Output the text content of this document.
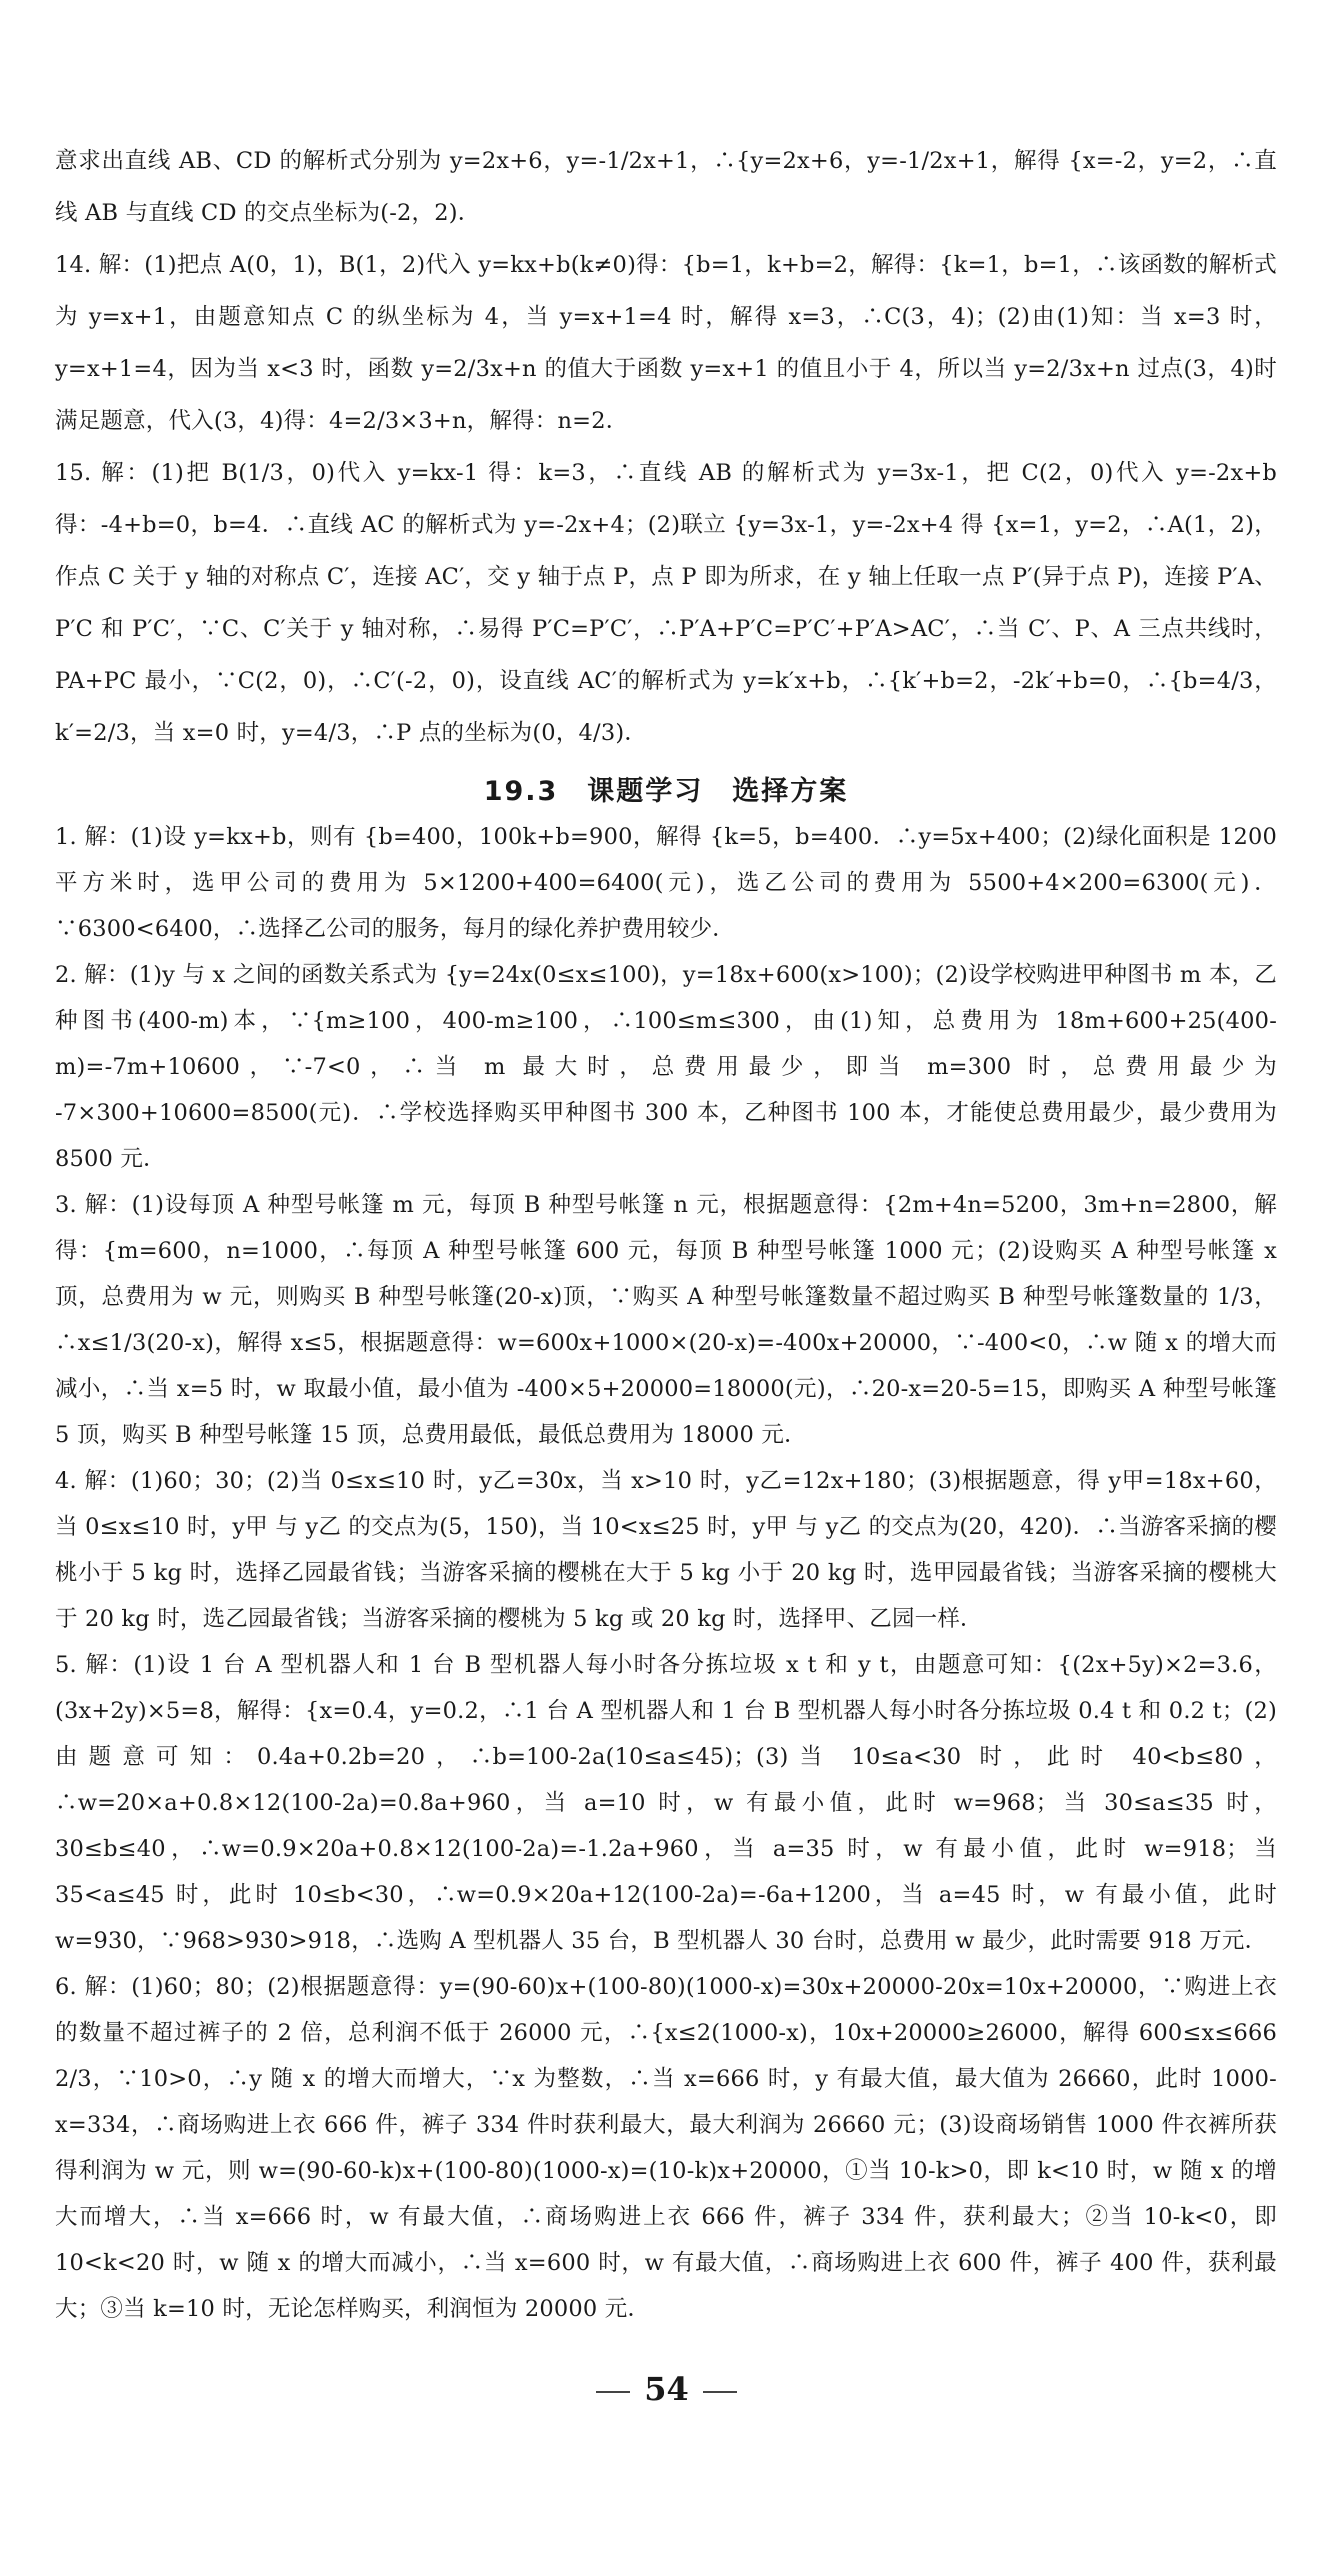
意求出直线 AB、CD 的解析式分别为 y=2x+6，y=-1/2x+1，∴{y=2x+6，y=-1/2x+1，解得 {x=-2，y=2，∴直线 AB 与直线 CD 的交点坐标为(-2，2)．

14. 解：(1)把点 A(0，1)，B(1，2)代入 y=kx+b(k≠0)得：{b=1，k+b=2，解得：{k=1，b=1，∴该函数的解析式为 y=x+1，由题意知点 C 的纵坐标为 4，当 y=x+1=4 时，解得 x=3，∴C(3，4)；(2)由(1)知：当 x=3 时，y=x+1=4，因为当 x<3 时，函数 y=2/3x+n 的值大于函数 y=x+1 的值且小于 4，所以当 y=2/3x+n 过点(3，4)时满足题意，代入(3，4)得：4=2/3×3+n，解得：n=2．

15. 解：(1)把 B(1/3，0)代入 y=kx-1 得：k=3，∴直线 AB 的解析式为 y=3x-1，把 C(2，0)代入 y=-2x+b 得：-4+b=0，b=4．∴直线 AC 的解析式为 y=-2x+4；(2)联立 {y=3x-1，y=-2x+4 得 {x=1，y=2，∴A(1，2)，作点 C 关于 y 轴的对称点 C′，连接 AC′，交 y 轴于点 P，点 P 即为所求，在 y 轴上任取一点 P′(异于点 P)，连接 P′A、P′C 和 P′C′，∵C、C′关于 y 轴对称，∴易得 P′C=P′C′，∴P′A+P′C=P′C′+P′A>AC′，∴当 C′、P、A 三点共线时，PA+PC 最小，∵C(2，0)，∴C′(-2，0)，设直线 AC′的解析式为 y=k′x+b，∴{k′+b=2，-2k′+b=0，∴{b=4/3，k′=2/3，当 x=0 时，y=4/3，∴P 点的坐标为(0，4/3)．

19.3　课题学习　选择方案

1. 解：(1)设 y=kx+b，则有 {b=400，100k+b=900，解得 {k=5，b=400．∴y=5x+400；(2)绿化面积是 1200 平方米时，选甲公司的费用为 5×1200+400=6400(元)，选乙公司的费用为 5500+4×200=6300(元)．∵6300<6400，∴选择乙公司的服务，每月的绿化养护费用较少．

2. 解：(1)y 与 x 之间的函数关系式为 {y=24x(0≤x≤100)，y=18x+600(x>100)；(2)设学校购进甲种图书 m 本，乙种图书(400-m)本，∵{m≥100，400-m≥100，∴100≤m≤300，由(1)知，总费用为 18m+600+25(400-m)=-7m+10600，∵-7<0，∴当 m 最大时，总费用最少，即当 m=300 时，总费用最少为 -7×300+10600=8500(元)．∴学校选择购买甲种图书 300 本，乙种图书 100 本，才能使总费用最少，最少费用为 8500 元．

3. 解：(1)设每顶 A 种型号帐篷 m 元，每顶 B 种型号帐篷 n 元，根据题意得：{2m+4n=5200，3m+n=2800，解得：{m=600，n=1000，∴每顶 A 种型号帐篷 600 元，每顶 B 种型号帐篷 1000 元；(2)设购买 A 种型号帐篷 x 顶，总费用为 w 元，则购买 B 种型号帐篷(20-x)顶，∵购买 A 种型号帐篷数量不超过购买 B 种型号帐篷数量的 1/3，∴x≤1/3(20-x)，解得 x≤5，根据题意得：w=600x+1000×(20-x)=-400x+20000，∵-400<0，∴w 随 x 的增大而减小，∴当 x=5 时，w 取最小值，最小值为 -400×5+20000=18000(元)，∴20-x=20-5=15，即购买 A 种型号帐篷 5 顶，购买 B 种型号帐篷 15 顶，总费用最低，最低总费用为 18000 元．

4. 解：(1)60；30；(2)当 0≤x≤10 时，y乙=30x，当 x>10 时，y乙=12x+180；(3)根据题意，得 y甲=18x+60，当 0≤x≤10 时，y甲 与 y乙 的交点为(5，150)，当 10<x≤25 时，y甲 与 y乙 的交点为(20，420)．∴当游客采摘的樱桃小于 5 kg 时，选择乙园最省钱；当游客采摘的樱桃在大于 5 kg 小于 20 kg 时，选甲园最省钱；当游客采摘的樱桃大于 20 kg 时，选乙园最省钱；当游客采摘的樱桃为 5 kg 或 20 kg 时，选择甲、乙园一样．

5. 解：(1)设 1 台 A 型机器人和 1 台 B 型机器人每小时各分拣垃圾 x t 和 y t，由题意可知：{(2x+5y)×2=3.6，(3x+2y)×5=8，解得：{x=0.4，y=0.2，∴1 台 A 型机器人和 1 台 B 型机器人每小时各分拣垃圾 0.4 t 和 0.2 t；(2)由题意可知：0.4a+0.2b=20，∴b=100-2a(10≤a≤45)；(3)当 10≤a<30 时，此时 40<b≤80，∴w=20×a+0.8×12(100-2a)=0.8a+960，当 a=10 时，w 有最小值，此时 w=968；当 30≤a≤35 时，30≤b≤40，∴w=0.9×20a+0.8×12(100-2a)=-1.2a+960，当 a=35 时，w 有最小值，此时 w=918；当 35<a≤45 时，此时 10≤b<30，∴w=0.9×20a+12(100-2a)=-6a+1200，当 a=45 时，w 有最小值，此时 w=930，∵968>930>918，∴选购 A 型机器人 35 台，B 型机器人 30 台时，总费用 w 最少，此时需要 918 万元．

6. 解：(1)60；80；(2)根据题意得：y=(90-60)x+(100-80)(1000-x)=30x+20000-20x=10x+20000，∵购进上衣的数量不超过裤子的 2 倍，总利润不低于 26000 元，∴{x≤2(1000-x)，10x+20000≥26000，解得 600≤x≤666 2/3，∵10>0，∴y 随 x 的增大而增大，∵x 为整数，∴当 x=666 时，y 有最大值，最大值为 26660，此时 1000-x=334，∴商场购进上衣 666 件，裤子 334 件时获利最大，最大利润为 26660 元；(3)设商场销售 1000 件衣裤所获得利润为 w 元，则 w=(90-60-k)x+(100-80)(1000-x)=(10-k)x+20000，①当 10-k>0，即 k<10 时，w 随 x 的增大而增大，∴当 x=666 时，w 有最大值，∴商场购进上衣 666 件，裤子 334 件，获利最大；②当 10-k<0，即 10<k<20 时，w 随 x 的增大而减小，∴当 x=600 时，w 有最大值，∴商场购进上衣 600 件，裤子 400 件，获利最大；③当 k=10 时，无论怎样购买，利润恒为 20000 元．

54
